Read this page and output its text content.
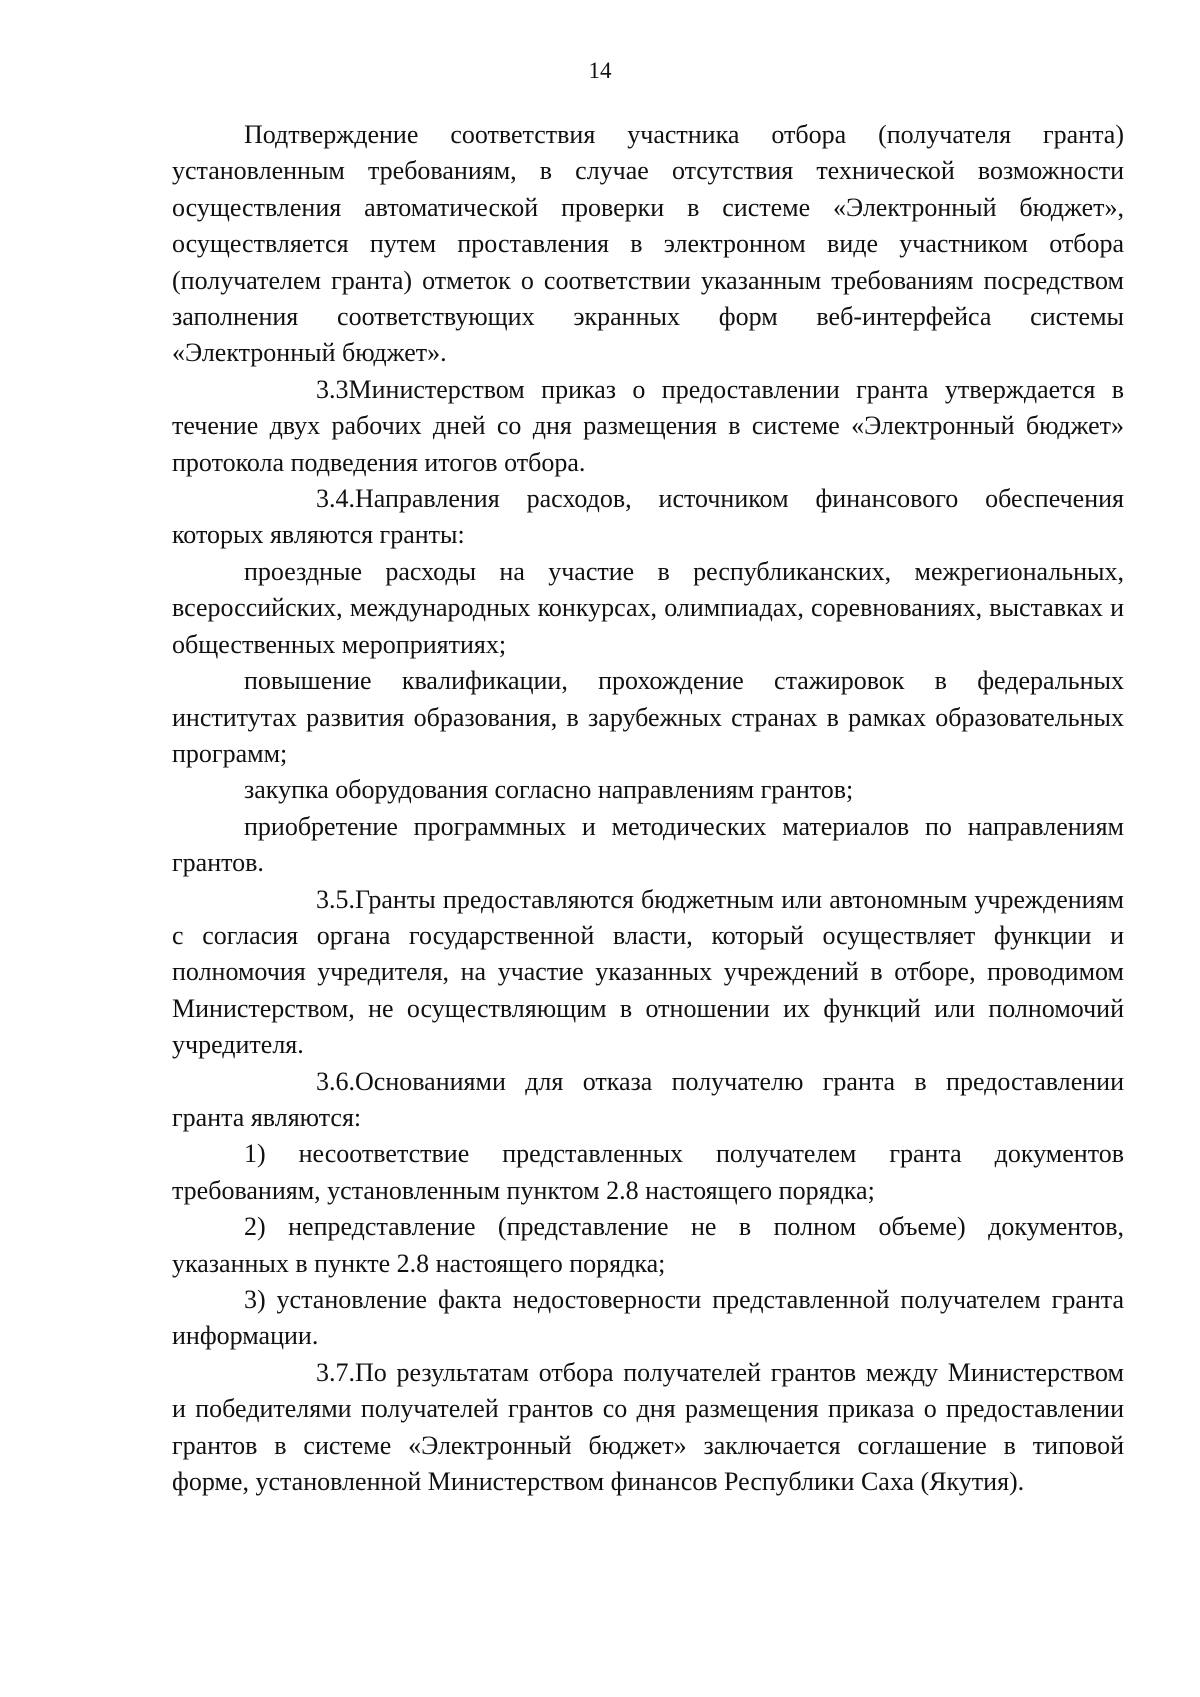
14

Подтверждение соответствия участника отбора (получателя гранта) установленным требованиям, в случае отсутствия технической возможности осуществления автоматической проверки в системе «Электронный бюджет», осуществляется путем проставления в электронном виде участником отбора (получателем гранта) отметок о соответствии указанным требованиям посредством заполнения соответствующих экранных форм веб-интерфейса системы «Электронный бюджет».

3.3Министерством приказ о предоставлении гранта утверждается в течение двух рабочих дней со дня размещения в системе «Электронный бюджет» протокола подведения итогов отбора.

3.4.Направления расходов, источником финансового обеспечения которых являются гранты:

проездные расходы на участие в республиканских, межрегиональных, всероссийских, международных конкурсах, олимпиадах, соревнованиях, выставках и общественных мероприятиях;

повышение квалификации, прохождение стажировок в федеральных институтах развития образования, в зарубежных странах в рамках образовательных программ;

закупка оборудования согласно направлениям грантов;

приобретение программных и методических материалов по направлениям грантов.

3.5.Гранты предоставляются бюджетным или автономным учреждениям с согласия органа государственной власти, который осуществляет функции и полномочия учредителя, на участие указанных учреждений в отборе, проводимом Министерством, не осуществляющим в отношении их функций или полномочий учредителя.

3.6.Основаниями для отказа получателю гранта в предоставлении гранта являются:

1) несоответствие представленных получателем гранта документов требованиям, установленным пунктом 2.8 настоящего порядка;

2) непредставление (представление не в полном объеме) документов, указанных в пункте 2.8 настоящего порядка;

3) установление факта недостоверности представленной получателем гранта информации.

3.7.По результатам отбора получателей грантов между Министерством и победителями получателей грантов со дня размещения приказа о предоставлении грантов в системе «Электронный бюджет» заключается соглашение в типовой форме, установленной Министерством финансов Республики Саха (Якутия).
